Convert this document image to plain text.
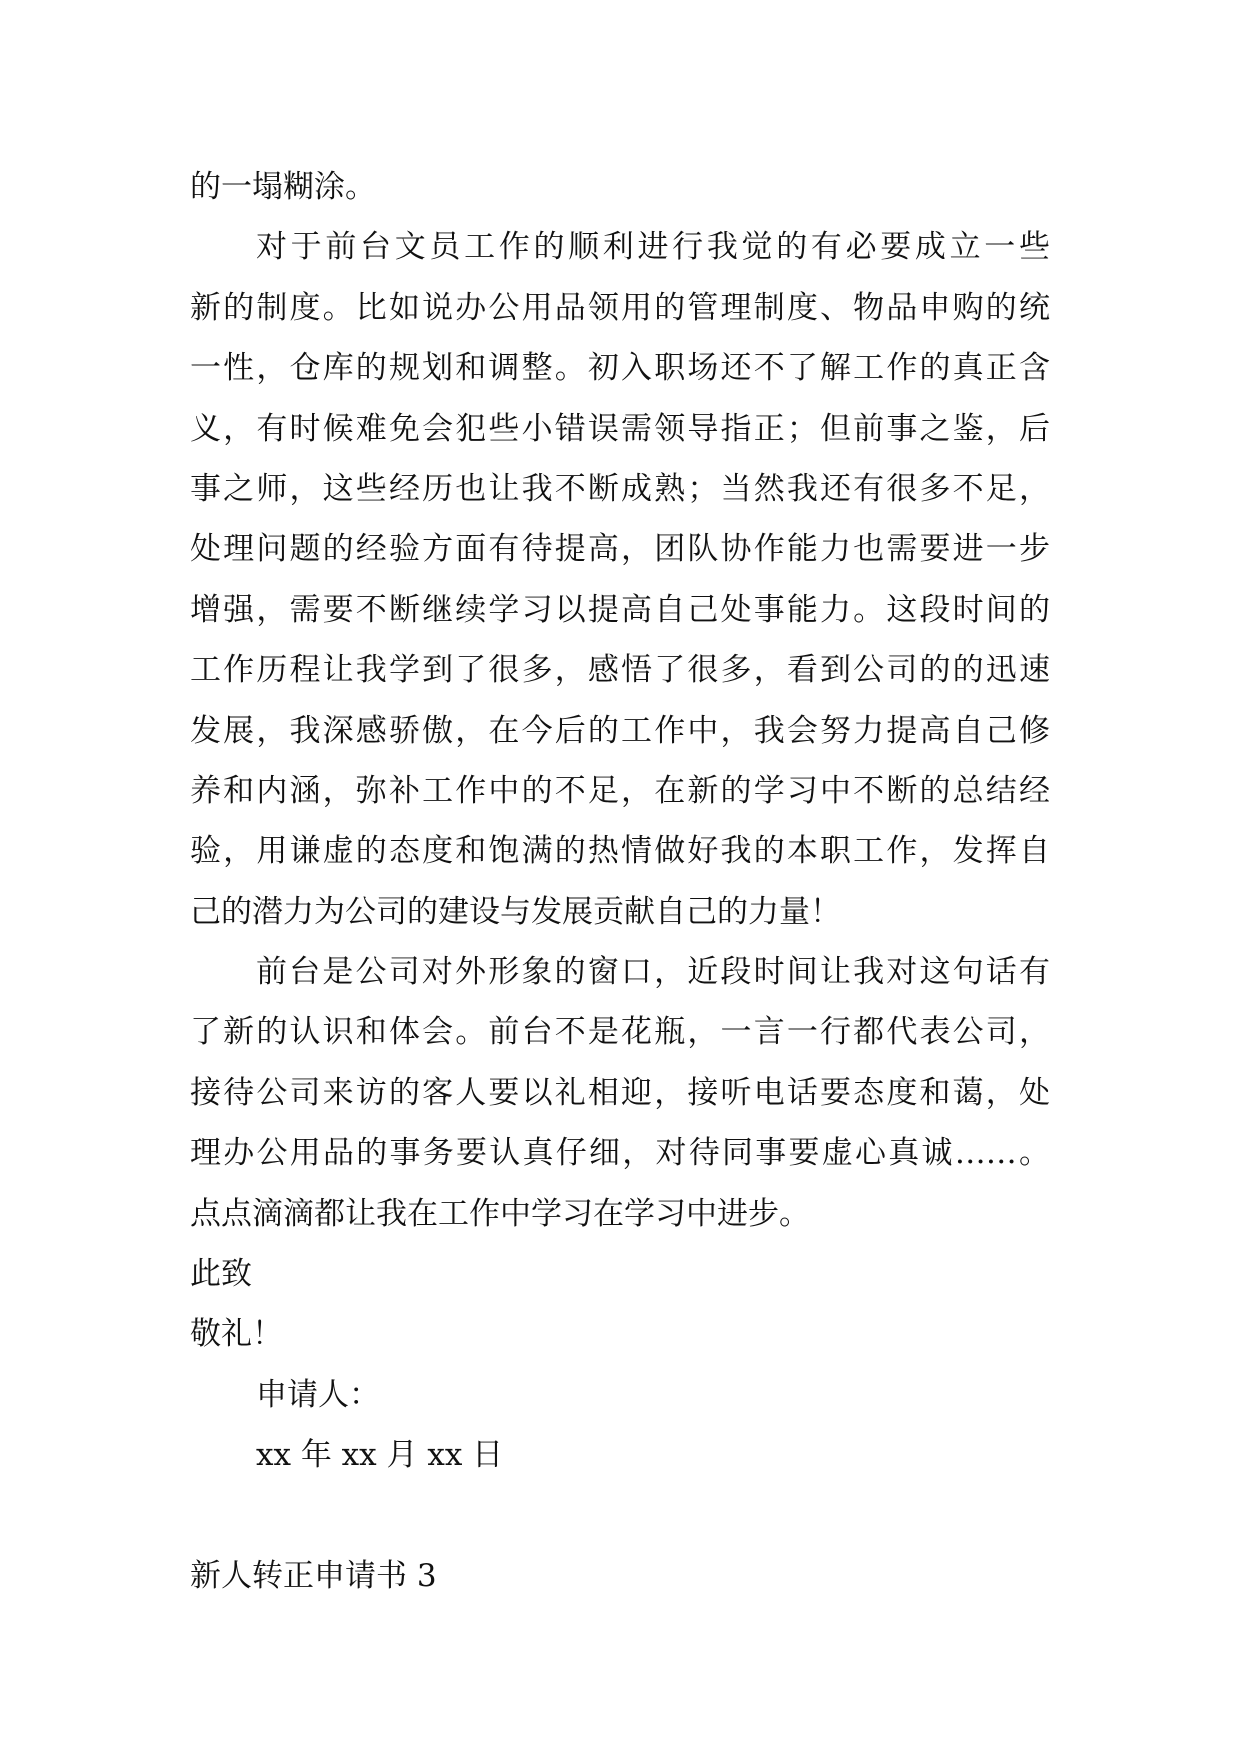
的一塌糊涂。
对于前台文员工作的顺利进行我觉的有必要成立一些
新的制度。比如说办公用品领用的管理制度、物品申购的统
一性，仓库的规划和调整。初入职场还不了解工作的真正含
义，有时候难免会犯些小错误需领导指正；但前事之鉴，后
事之师，这些经历也让我不断成熟；当然我还有很多不足，
处理问题的经验方面有待提高，团队协作能力也需要进一步
增强，需要不断继续学习以提高自己处事能力。这段时间的
工作历程让我学到了很多，感悟了很多，看到公司的的迅速
发展，我深感骄傲，在今后的工作中，我会努力提高自己修
养和内涵，弥补工作中的不足，在新的学习中不断的总结经
验，用谦虚的态度和饱满的热情做好我的本职工作，发挥自
己的潜力为公司的建设与发展贡献自己的力量！
前台是公司对外形象的窗口，近段时间让我对这句话有
了新的认识和体会。前台不是花瓶，一言一行都代表公司，
接待公司来访的客人要以礼相迎，接听电话要态度和蔼，处
理办公用品的事务要认真仔细，对待同事要虚心真诚……。
点点滴滴都让我在工作中学习在学习中进步。
此致
敬礼！
申请人：
xx 年 xx 月 xx 日
新人转正申请书 3
